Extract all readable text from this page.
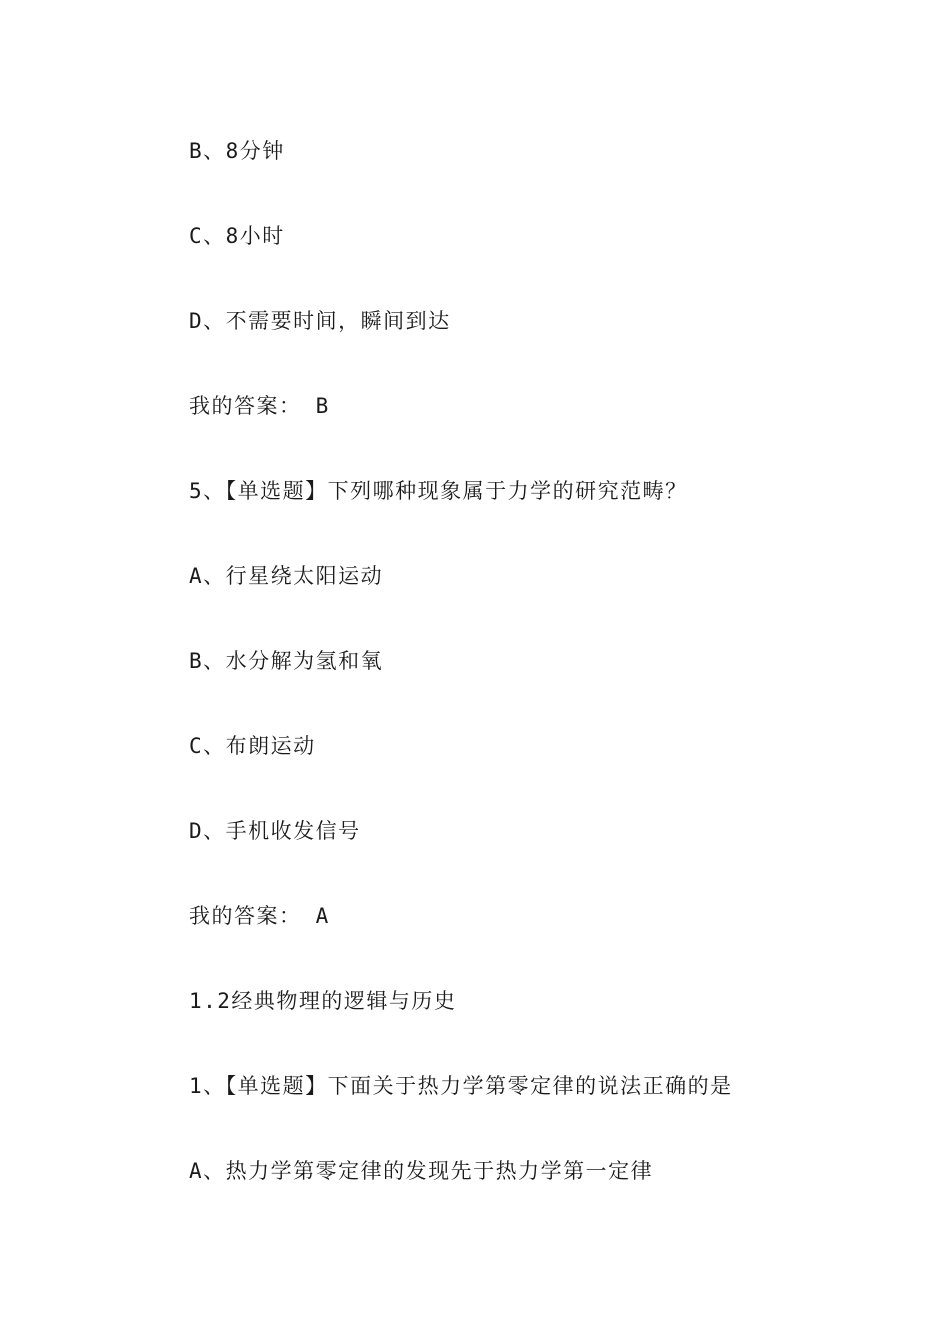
B、8分钟
C、8小时
D、不需要时间，瞬间到达
我的答案： B
5、【单选题】下列哪种现象属于力学的研究范畴？
A、行星绕太阳运动
B、水分解为氢和氧
C、布朗运动
D、手机收发信号
我的答案： A
1.2经典物理的逻辑与历史
1、【单选题】下面关于热力学第零定律的说法正确的是
A、热力学第零定律的发现先于热力学第一定律
